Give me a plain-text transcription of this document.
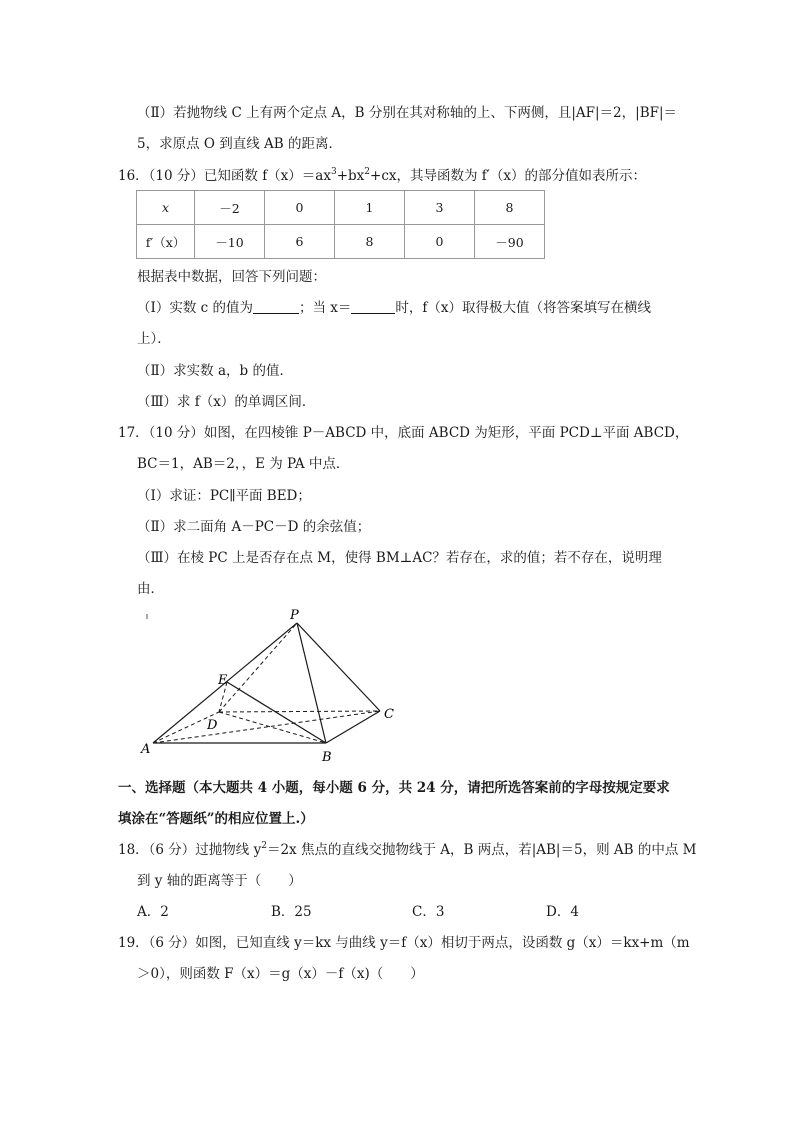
（Ⅱ）若抛物线 C 上有两个定点 A，B 分别在其对称轴的上、下两侧，且|AF|＝2，|BF|＝
5，求原点 O 到直线 AB 的距离．
16．（10 分）已知函数 $f(x)=ax^3+bx^2+cx$，其导函数为 f′（x）的部分值如表所示：
x	－2	0	1	3	8
f′（x）	－10	6	8	0	－90
根据表中数据，回答下列问题：
（Ⅰ）实数 c 的值为	；当 x＝	时，f（x）取得极大值（将答案填写在横线
上）．
（Ⅱ）求实数 a，b 的值．
（Ⅲ）求 f（x）的单调区间．
17．（10 分）如图，在四棱锥 P－ABCD 中，底面 ABCD 为矩形，平面 PCD⊥平面 ABCD，
BC＝1，AB＝2，，E 为 PA 中点．
（Ⅰ）求证：PC∥平面 BED；
（Ⅱ）求二面角 A－PC－D 的余弦值；
（Ⅲ）在棱 PC 上是否存在点 M，使得 BM⊥AC？若存在，求的值；若不存在，说明理
由．
P
E
D
C
A
B
一、选择题（本大题共 4 小题，每小题 6 分，共 24 分，请把所选答案前的字母按规定要求
填涂在“答题纸”的相应位置上.）
18．（6 分）过抛物线 $y^2=2x$ 焦点的直线交抛物线于 A，B 两点，若|AB|＝5，则 AB 的中点 M
到 y 轴的距离等于（　　）
A．2	B．25	C．3	D．4
19．（6 分）如图，已知直线 y＝kx 与曲线 y＝f（x）相切于两点，设函数 g（x）＝kx+m（m
＞0），则函数 F（x）＝g（x）－f（x)（　　）
